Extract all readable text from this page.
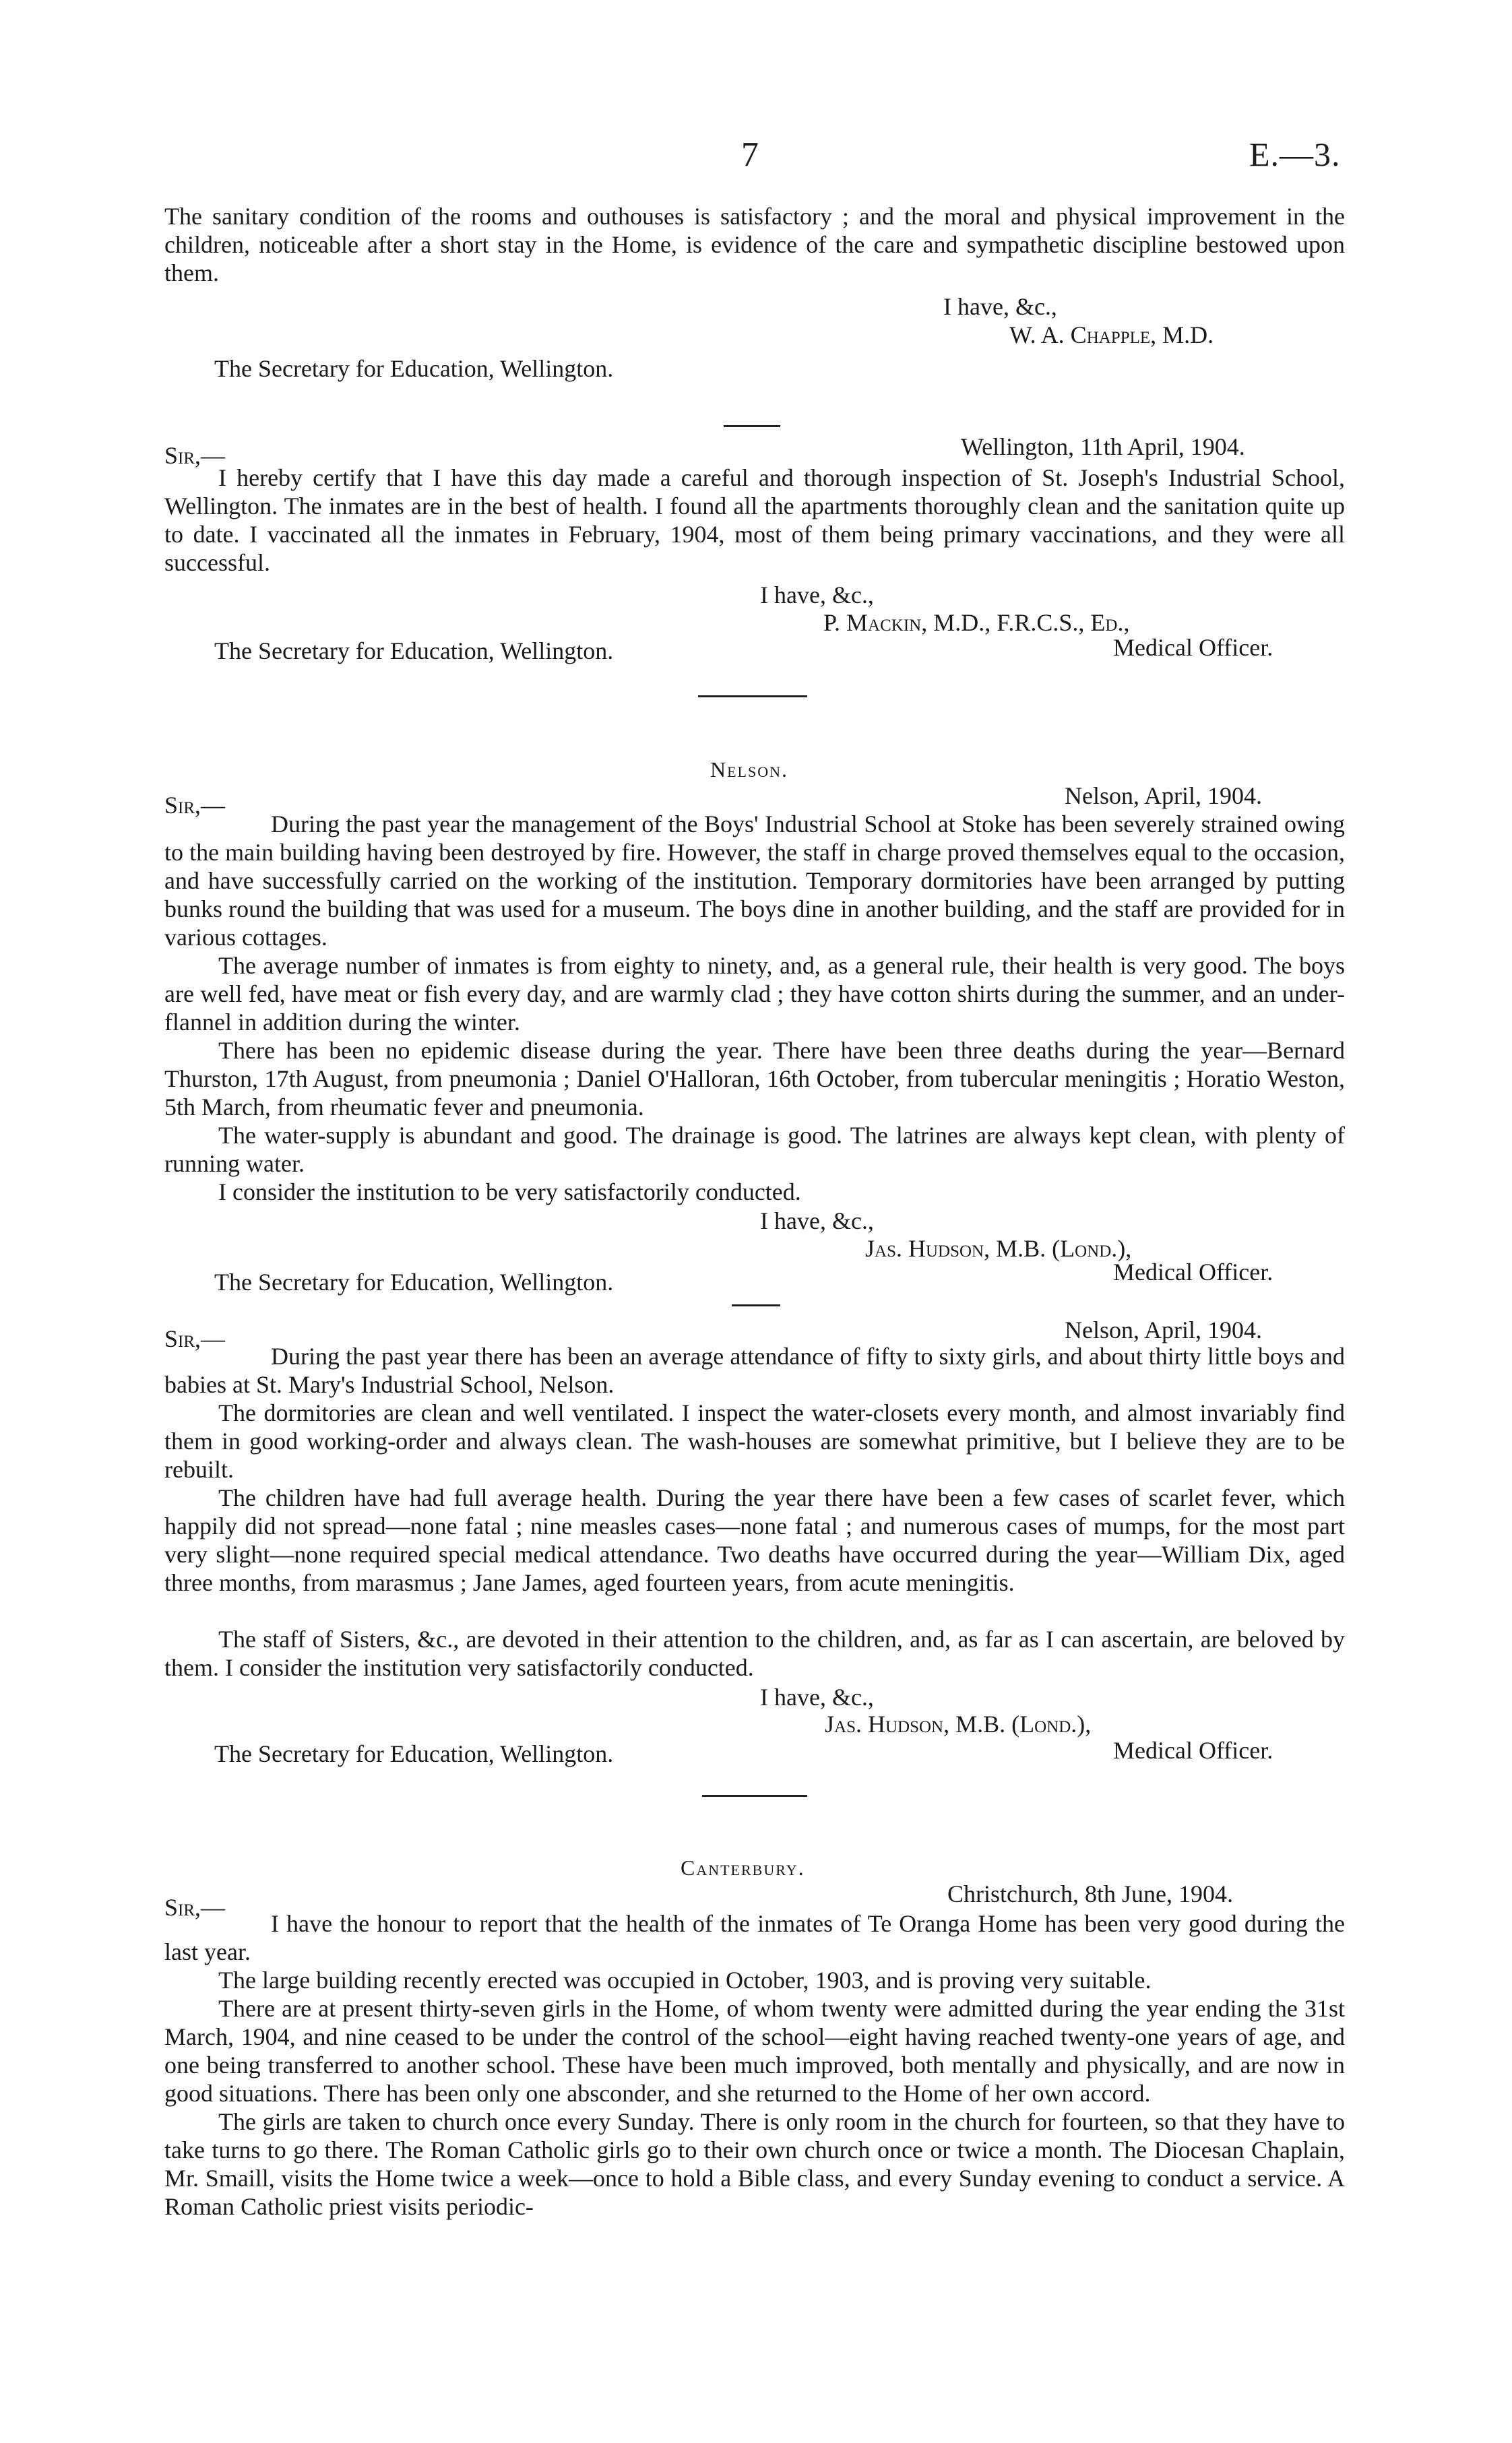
7	E.—3.

The sanitary condition of the rooms and outhouses is satisfactory ; and the moral and physical improvement in the children, noticeable after a short stay in the Home, is evidence of the care and sympathetic discipline bestowed upon them.

I have, &c.,
W. A. Chapple, M.D.
The Secretary for Education, Wellington.
Sir,—	Wellington, 11th April, 1904.

I hereby certify that I have this day made a careful and thorough inspection of St. Joseph's Industrial School, Wellington. The inmates are in the best of health. I found all the apartments thoroughly clean and the sanitation quite up to date. I vaccinated all the inmates in February, 1904, most of them being primary vaccinations, and they were all successful.

I have, &c.,
P. Mackin, M.D., F.R.C.S., Ed.,
Medical Officer.
The Secretary for Education, Wellington.
Nelson.
Sir,—	Nelson, April, 1904.

During the past year the management of the Boys' Industrial School at Stoke has been severely strained owing to the main building having been destroyed by fire. However, the staff in charge proved themselves equal to the occasion, and have successfully carried on the working of the institution. Temporary dormitories have been arranged by putting bunks round the building that was used for a museum. The boys dine in another building, and the staff are provided for in various cottages.

The average number of inmates is from eighty to ninety, and, as a general rule, their health is very good. The boys are well fed, have meat or fish every day, and are warmly clad ; they have cotton shirts during the summer, and an under-flannel in addition during the winter.

There has been no epidemic disease during the year. There have been three deaths during the year—Bernard Thurston, 17th August, from pneumonia ; Daniel O'Halloran, 16th October, from tubercular meningitis ; Horatio Weston, 5th March, from rheumatic fever and pneumonia.

The water-supply is abundant and good. The drainage is good. The latrines are always kept clean, with plenty of running water.

I consider the institution to be very satisfactorily conducted.

I have, &c.,
Jas. Hudson, M.B. (Lond.),
Medical Officer.
The Secretary for Education, Wellington.
Sir,—	Nelson, April, 1904.

During the past year there has been an average attendance of fifty to sixty girls, and about thirty little boys and babies at St. Mary's Industrial School, Nelson.

The dormitories are clean and well ventilated. I inspect the water-closets every month, and almost invariably find them in good working-order and always clean. The wash-houses are somewhat primitive, but I believe they are to be rebuilt.

The children have had full average health. During the year there have been a few cases of scarlet fever, which happily did not spread—none fatal ; nine measles cases—none fatal ; and numerous cases of mumps, for the most part very slight—none required special medical attendance. Two deaths have occurred during the year—William Dix, aged three months, from marasmus ; Jane James, aged fourteen years, from acute meningitis.

The staff of Sisters, &c., are devoted in their attention to the children, and, as far as I can ascertain, are beloved by them. I consider the institution very satisfactorily conducted.

I have, &c.,
Jas. Hudson, M.B. (Lond.),
Medical Officer.
The Secretary for Education, Wellington.
Canterbury.
Sir,—	Christchurch, 8th June, 1904.

I have the honour to report that the health of the inmates of Te Oranga Home has been very good during the last year.

The large building recently erected was occupied in October, 1903, and is proving very suitable.

There are at present thirty-seven girls in the Home, of whom twenty were admitted during the year ending the 31st March, 1904, and nine ceased to be under the control of the school—eight having reached twenty-one years of age, and one being transferred to another school. These have been much improved, both mentally and physically, and are now in good situations. There has been only one absconder, and she returned to the Home of her own accord.

The girls are taken to church once every Sunday. There is only room in the church for fourteen, so that they have to take turns to go there. The Roman Catholic girls go to their own church once or twice a month. The Diocesan Chaplain, Mr. Smaill, visits the Home twice a week—once to hold a Bible class, and every Sunday evening to conduct a service. A Roman Catholic priest visits periodic-
